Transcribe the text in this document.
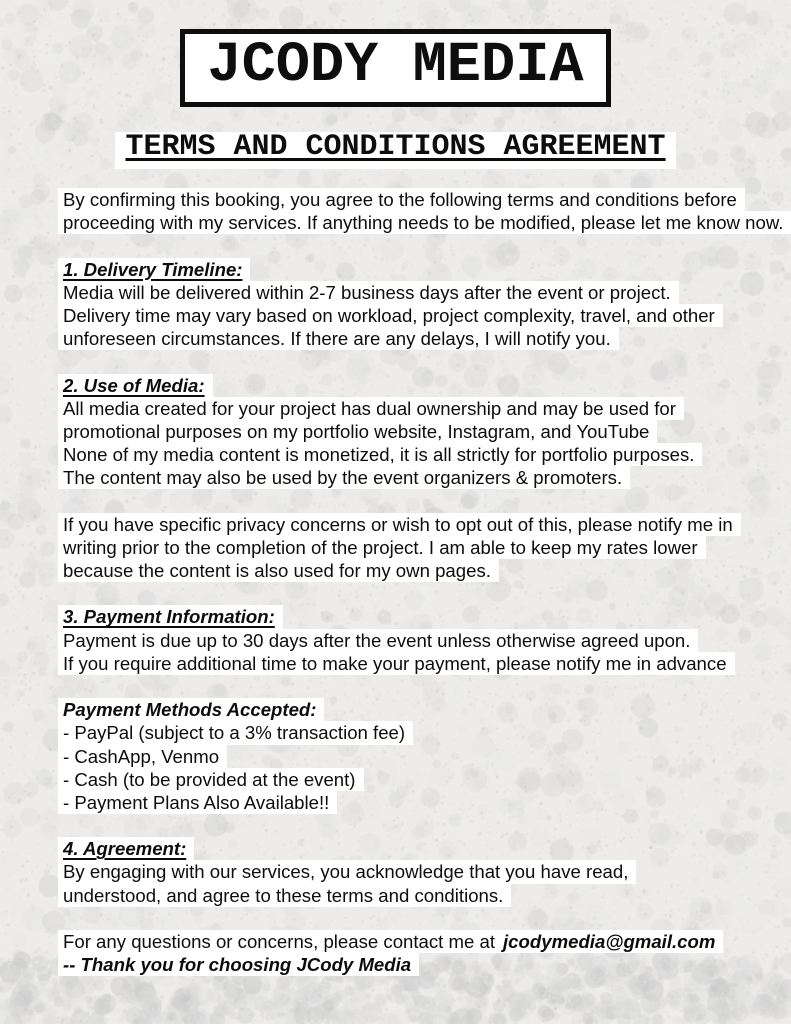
JCODY MEDIA
TERMS AND CONDITIONS AGREEMENT
By confirming this booking, you agree to the following terms and conditions before
proceeding with my services. If anything needs to be modified, please let me know now.
1. Delivery Timeline:
Media will be delivered within 2-7 business days after the event or project.
Delivery time may vary based on workload, project complexity, travel, and other
unforeseen circumstances. If there are any delays, I will notify you.
2. Use of Media:
All media created for your project has dual ownership and may be used for
promotional purposes on my portfolio website, Instagram, and YouTube
None of my media content is monetized, it is all strictly for portfolio purposes.
The content may also be used by the event organizers & promoters.
If you have specific privacy concerns or wish to opt out of this, please notify me in
writing prior to the completion of the project. I am able to keep my rates lower
because the content is also used for my own pages.
3. Payment Information:
Payment is due up to 30 days after the event unless otherwise agreed upon.
If you require additional time to make your payment, please notify me in advance
Payment Methods Accepted:
- PayPal (subject to a 3% transaction fee)
- CashApp, Venmo
- Cash (to be provided at the event)
- Payment Plans Also Available!!
4. Agreement:
By engaging with our services, you acknowledge that you have read,
understood, and agree to these terms and conditions.
For any questions or concerns, please contact me at jcodymedia@gmail.com
-- Thank you for choosing JCody Media
